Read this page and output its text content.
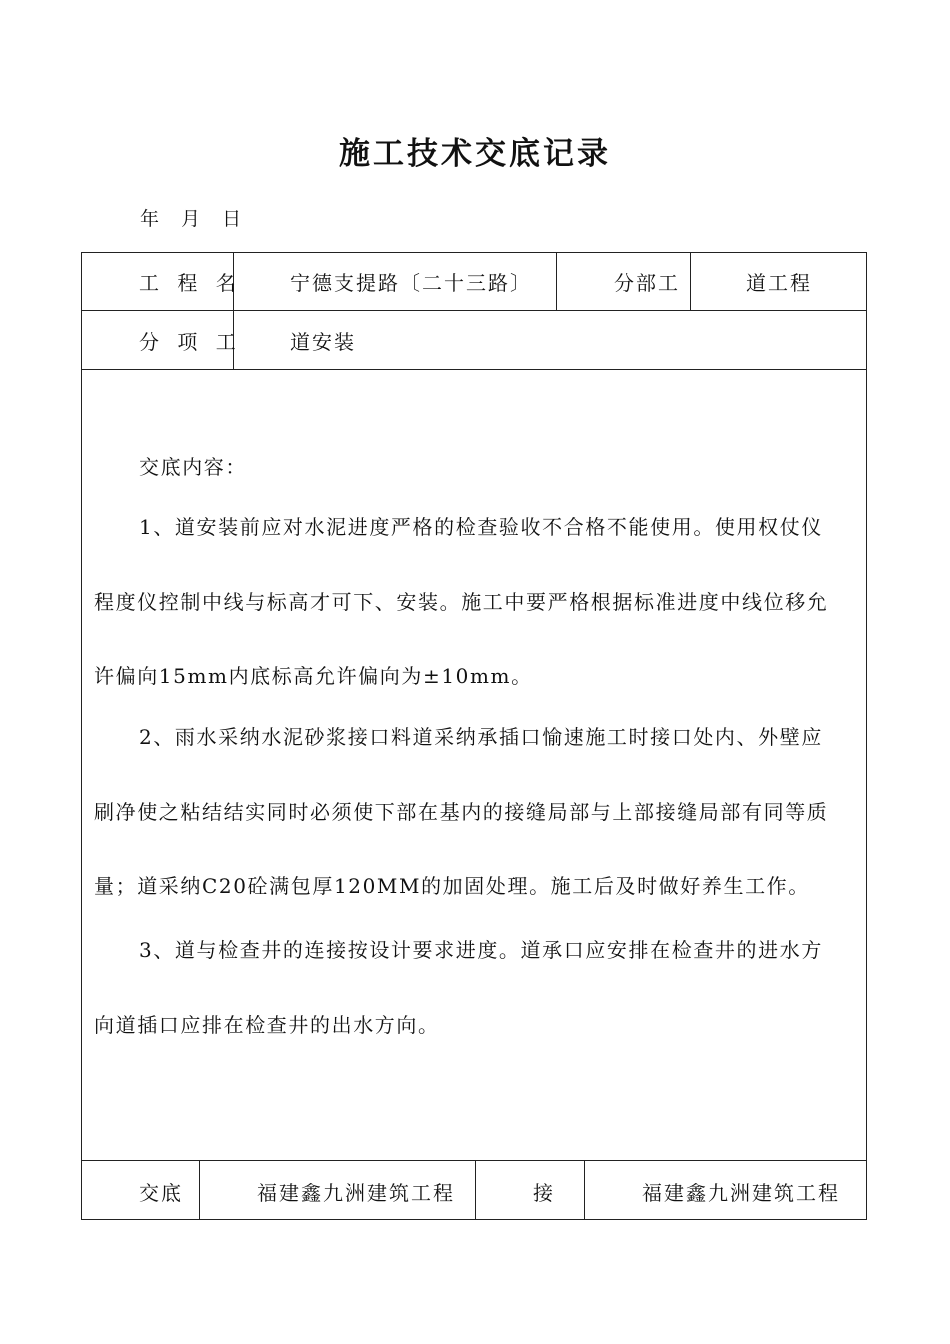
施工技术交底记录
年 月 日
工 程 名 宁德支提路〔二十三路〕	分部工	道工程
分 项 工 道安装
交底内容：
1、道安装前应对水泥进度严格的检查验收不合格不能使用。使用权仗仪
程度仪控制中线与标高才可下、安装。施工中要严格根据标准进度中线位移允
许偏向15mm内底标高允许偏向为±10mm。
2、雨水采纳水泥砂浆接口料道采纳承插口愉速施工时接口处内、外壁应
刷净使之粘结结实同时必须使下部在基内的接缝局部与上部接缝局部有同等质
量；道采纳C20砼满包厚120MM的加固处理。施工后及时做好养生工作。
3、道与检查井的连接按设计要求进度。道承口应安排在检查井的进水方
向道插口应排在检查井的出水方向。
交底	福建鑫九洲建筑工程	接	福建鑫九洲建筑工程
